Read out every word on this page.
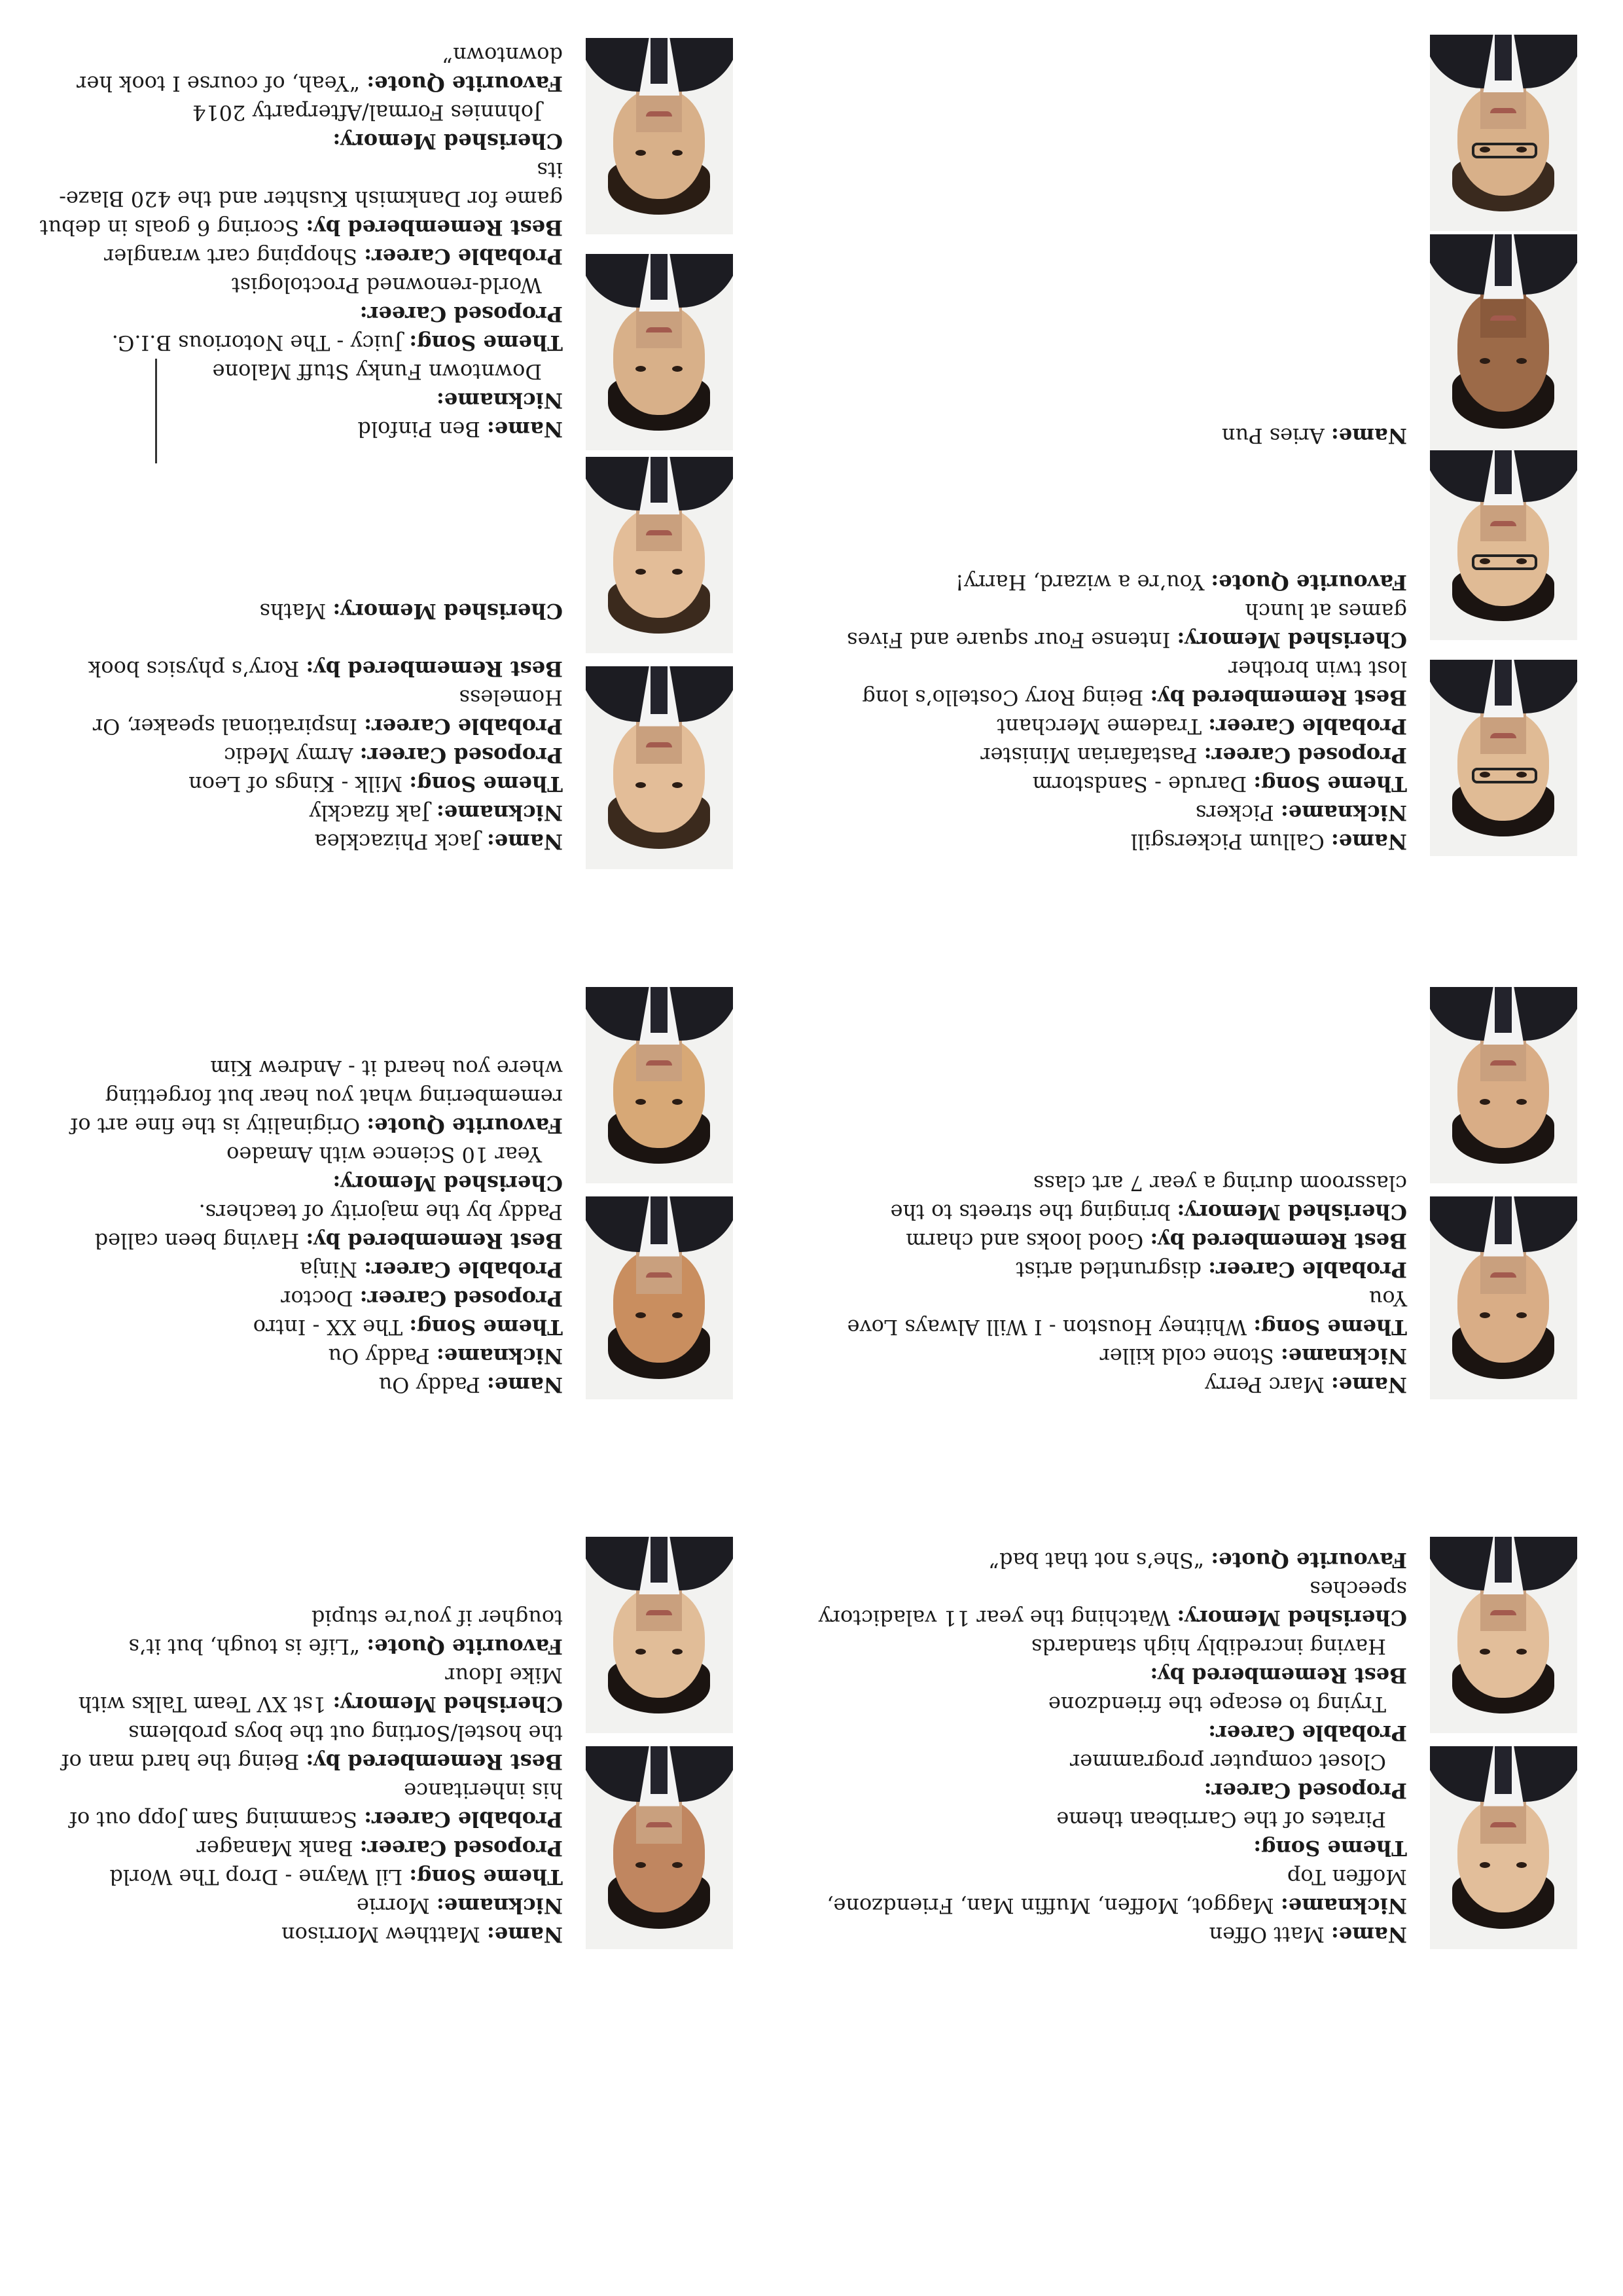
Name: Aries Pun

Name: Ben Pinfold

Nickname:

Downtown Funky Stuff Malone

Theme Song: Juicy - The Notorious B.I.G.

Proposed Career:

World-renowned Proctologist

Probable Career: Shopping cart wrangler

Best Remembered by: Scoring 6 goals in debut game for Dankmish Kushter and the 420 Blaze-its

Cherished Memory:

Johnnies Formal/Afterparty 2014

Favourite Quote: “Yeah, of course I took her downtown”

Name: Callum Pickersgill

Nickname: Pickers

Theme Song: Darude - Sandstorm

Proposed Career: Pastafarian Minister

Probable Career: Trademe Merchant

Best Remembered by: Being Rory Costello’s long lost twin brother

Cherished Memory: Intense Four square and Fives games at lunch

Favourite Quote: You’re a wizard, Harry!

Name: Jack Phizacklea

Nickname: Jak fizackly

Theme Song: Milk - Kings of Leon

Proposed Career: Army Medic

Probable Career: Inspirational speaker, Or Homeless

Best Remembered by: Rory’s physics book

Cherished Memory: Maths

Name: Marc Perry

Nickname: Stone cold killer

Theme Song: Whitney Houston - I Will Always Love You

Probable Career: disgruntled artist

Best Remembered by: Good looks and charm

Cherished Memory: bringing the streets to the classroom during a year 7 art class

Name: Paddy Ou

Nickname: Paddy Ou

Theme Song: The XX - Intro

Proposed Career: Doctor

Probable Career: Ninja

Best Remembered by: Having been called Paddy by the majority of teachers.

Cherished Memory:

Year 10 Science with Amadeo

Favourite Quote: Originality is the fine art of remembering what you hear but forgetting where you heard it - Andrew Kim

Name: Matt Offen

Nickname: Maggot, Moffen, Muffin Man, Friendzone, Moffen Top

Theme Song:

Pirates of the Carribean theme

Proposed Career:

Closet computer programmer

Probable Career:

Trying to escape the friendzone

Best Remembered by:

Having incredibly high standards

Cherished Memory: Watching the year 11 valadictory speeches

Favourite Quote: “She’s not that bad”

Name: Matthew Morrison

Nickname: Morrie

Theme Song: Lil Wayne - Drop The World

Proposed Career: Bank Manager

Probable Career: Scamming Sam Jopp out of his inheritance

Best Remembered by: Being the hard man of the hostel/Sorting out the boys problems

Cherished Memory: 1st XV Team Talks with Mike Idour

Favourite Quote: “Life is tough, but it’s tougher if you’re stupid
